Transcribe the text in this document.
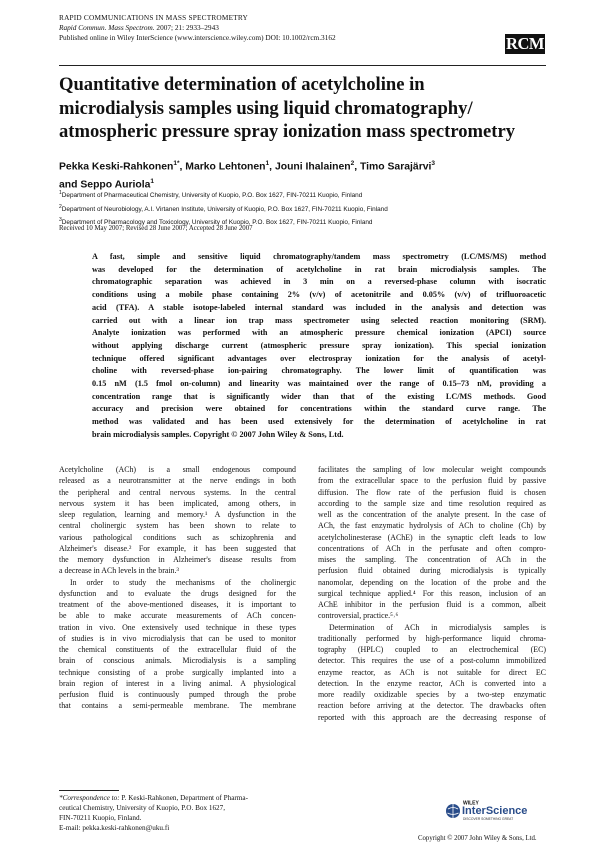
RAPID COMMUNICATIONS IN MASS SPECTROMETRY
Rapid Commun. Mass Spectrom. 2007; 21: 2933–2943
Published online in Wiley InterScience (www.interscience.wiley.com) DOI: 10.1002/rcm.3162	RCM
Quantitative determination of acetylcholine in
microdialysis samples using liquid chromatography/
atmospheric pressure spray ionization mass spectrometry
Pekka Keski-Rahkonen$^{1*}$, Marko Lehtonen$^1$, Jouni Ihalainen$^2$, Timo Sarajärvi$^3$
and Seppo Auriola$^1$
$^1$Department of Pharmaceutical Chemistry, University of Kuopio, P.O. Box 1627, FIN-70211 Kuopio, Finland
$^2$Department of Neurobiology, A.I. Virtanen Institute, University of Kuopio, P.O. Box 1627, FIN-70211 Kuopio, Finland
$^3$Department of Pharmacology and Toxicology, University of Kuopio, P.O. Box 1627, FIN-70211 Kuopio, Finland
Received 10 May 2007; Revised 28 June 2007; Accepted 28 June 2007
A fast, simple and sensitive liquid chromatography/tandem mass spectrometry (LC/MS/MS) method
was developed for the determination of acetylcholine in rat brain microdialysis samples. The
chromatographic separation was achieved in 3 min on a reversed-phase column with isocratic
conditions using a mobile phase containing 2% (v/v) of acetonitrile and 0.05% (v/v) of trifluoroacetic
acid (TFA). A stable isotope-labeled internal standard was included in the analysis and detection was
carried out with a linear ion trap mass spectrometer using selected reaction monitoring (SRM).
Analyte ionization was performed with an atmospheric pressure chemical ionization (APCI) source
without applying discharge current (atmospheric pressure spray ionization). This special ionization
technique offered significant advantages over electrospray ionization for the analysis of acetyl-
choline with reversed-phase ion-pairing chromatography. The lower limit of quantification was
0.15 nM (1.5 fmol on-column) and linearity was maintained over the range of 0.15–73 nM, providing a
concentration range that is significantly wider than that of the existing LC/MS methods. Good
accuracy and precision were obtained for concentrations within the standard curve range. The
method was validated and has been used extensively for the determination of acetylcholine in rat
brain microdialysis samples. Copyright © 2007 John Wiley & Sons, Ltd.
Acetylcholine (ACh) is a small endogenous compound
released as a neurotransmitter at the nerve endings in both
the peripheral and central nervous systems. In the central
nervous system it has been implicated, among others, in
sleep regulation, learning and memory.¹ A dysfunction in the
central cholinergic system has been shown to relate to
various pathological conditions such as schizophrenia and
Alzheimer's disease.² For example, it has been suggested that
the memory dysfunction in Alzheimer's disease results from
a decrease in ACh levels in the brain.³
In order to study the mechanisms of the cholinergic
dysfunction and to evaluate the drugs designed for the
treatment of the above-mentioned diseases, it is important to
be able to make accurate measurements of ACh concen-
tration in vivo. One extensively used technique in these types
of studies is in vivo microdialysis that can be used to monitor
the chemical constituents of the extracellular fluid of the
brain of conscious animals. Microdialysis is a sampling
technique consisting of a probe surgically implanted into a
brain region of interest in a living animal. A physiological
perfusion fluid is continuously pumped through the probe
that contains a semi-permeable membrane. The membrane
facilitates the sampling of low molecular weight compounds
from the extracellular space to the perfusion fluid by passive
diffusion. The flow rate of the perfusion fluid is chosen
according to the sample size and time resolution required as
well as the concentration of the analyte present. In the case of
ACh, the fast enzymatic hydrolysis of ACh to choline (Ch) by
acetylcholinesterase (AChE) in the synaptic cleft leads to low
concentrations of ACh in the perfusate and often compro-
mises the sampling. The concentration of ACh in the
perfusion fluid obtained during microdialysis is typically
nanomolar, depending on the location of the probe and the
surgical technique applied.⁴ For this reason, inclusion of an
AChE inhibitor in the perfusion fluid is a common, albeit
controversial, practice.⁵˒⁶
Determination of ACh in microdialysis samples is
traditionally performed by high-performance liquid chroma-
tography (HPLC) coupled to an electrochemical (EC)
detector. This requires the use of a post-column immobilized
enzyme reactor, as ACh is not suitable for direct EC
detection. In the enzyme reactor, ACh is converted into a
more readily oxidizable species by a two-step enzymatic
reaction before arriving at the detector. The drawbacks often
reported with this approach are the decreasing response of
*Correspondence to: P. Keski-Rahkonen, Department of Pharma-
ceutical Chemistry, University of Kuopio, P.O. Box 1627,
FIN-70211 Kuopio, Finland.
E-mail: pekka.keski-rahkonen@uku.fi
WILEY
InterScience
DISCOVER SOMETHING GREAT
Copyright © 2007 John Wiley & Sons, Ltd.
